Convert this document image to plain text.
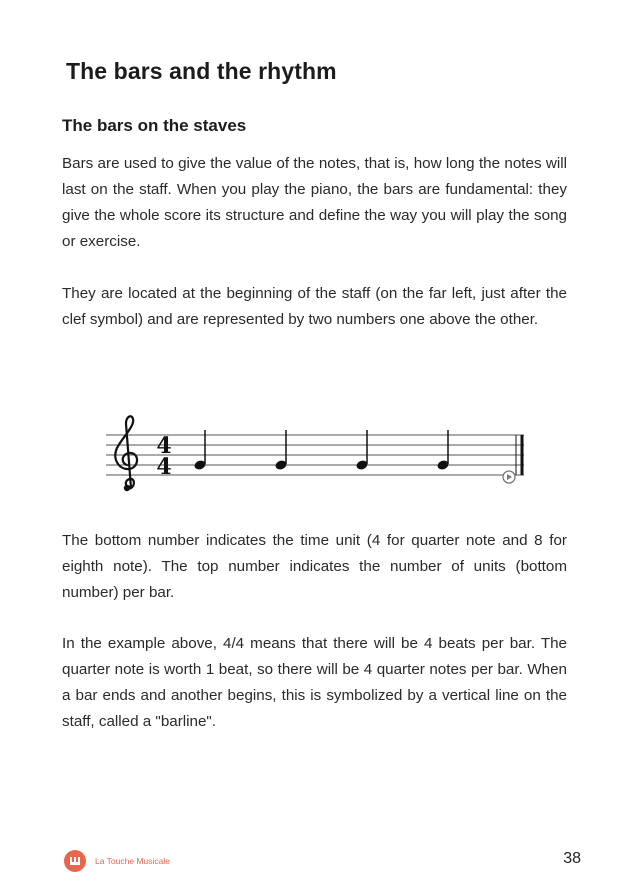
The bars and the rhythm
The bars on the staves

Bars are used to give the value of the notes, that is, how long the notes will last on the staff. When you play the piano, the bars are fundamental: they give the whole score its structure and define the way you will play the song or exercise.

They are located at the beginning of the staff (on the far left, just after the clef symbol) and are represented by two numbers one above the other.

4
4

The bottom number indicates the time unit (4 for quarter note and 8 for eighth note). The top number indicates the number of units (bottom number) per bar.

In the example above, 4/4 means that there will be 4 beats per bar. The quarter note is worth 1 beat, so there will be 4 quarter notes per bar. When a bar ends and another begins, this is symbolized by a vertical line on the staff, called a "barline".

La Touche Musicale	38
